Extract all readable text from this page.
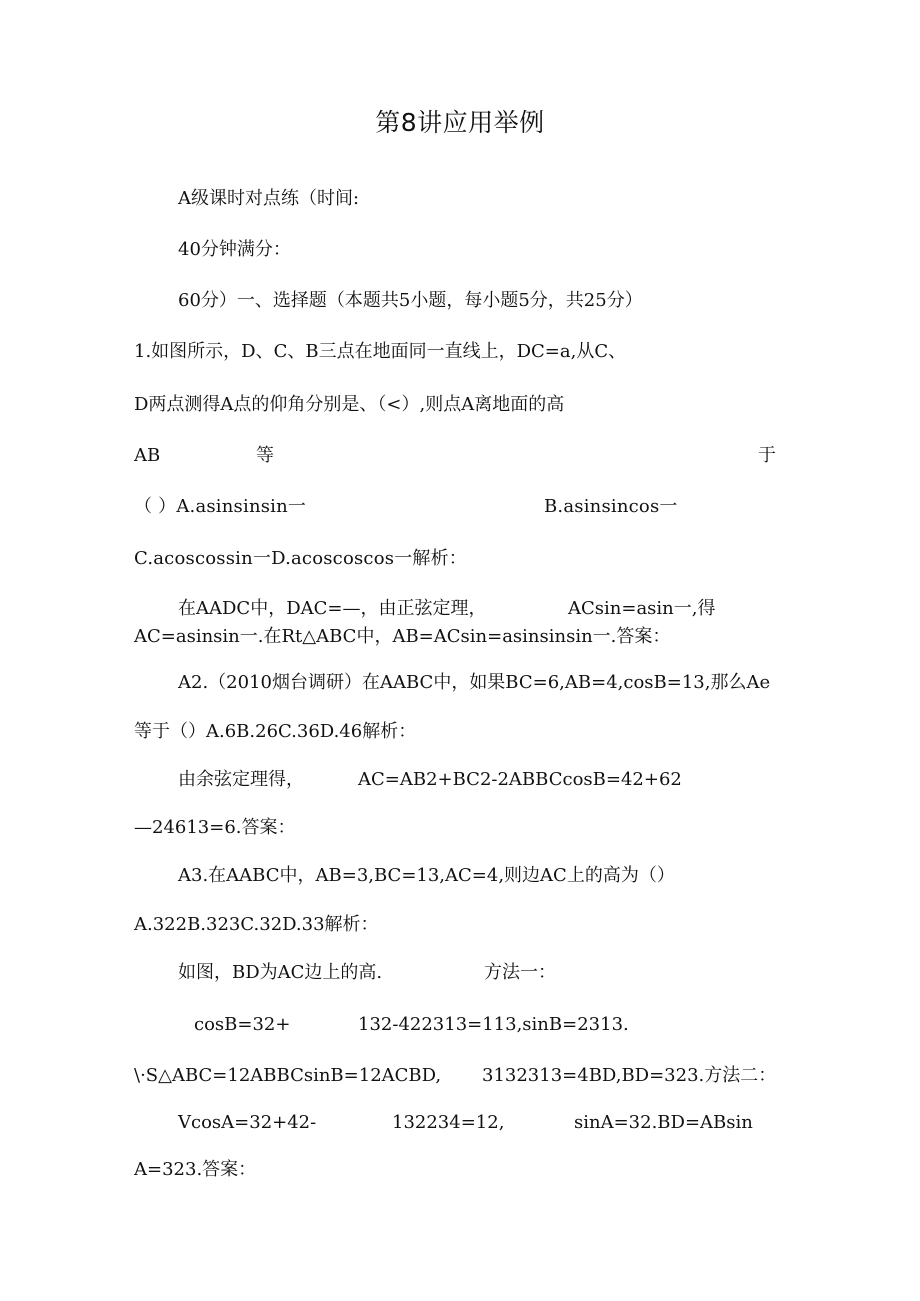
第8讲应用举例
A级课时对点练（时间:
40分钟满分：
60分）一、选择题（本题共5小题，每小题5分，共25分）
1.如图所示，D、C、B三点在地面同一直线上，DC=a,从C、
D两点测得A点的仰角分别是、（<）,则点A离地面的高
AB	等	于
（ ）A.asinsinsin一	B.asinsincos一
C.acoscossin一D.acoscoscos一解析：
在AADC中，DAC=—，由正弦定理，	ACsin=asin一,得
AC=asinsin一.在Rt△ABC中，AB=ACsin=asinsinsin一.答案：
A2.（2010烟台调研）在AABC中，如果BC=6,AB=4,cosB=13,那么Ae
等于（）A.6B.26C.36D.46解析：
由余弦定理得，	AC=AB2+BC2-2ABBCcosB=42+62
—24613=6.答案：
A3.在AABC中，AB=3,BC=13,AC=4,则边AC上的高为（）
A.322B.323C.32D.33解析：
如图，BD为AC边上的高.	方法一：
cosB=32+	132-422313=113,sinB=2313.
\·S△ABC=12ABBCsinB=12ACBD, 3132313=4BD,BD=323.方法二：
VcosA=32+42-	132234=12,	sinA=32.BD=ABsin
A=323.答案：
